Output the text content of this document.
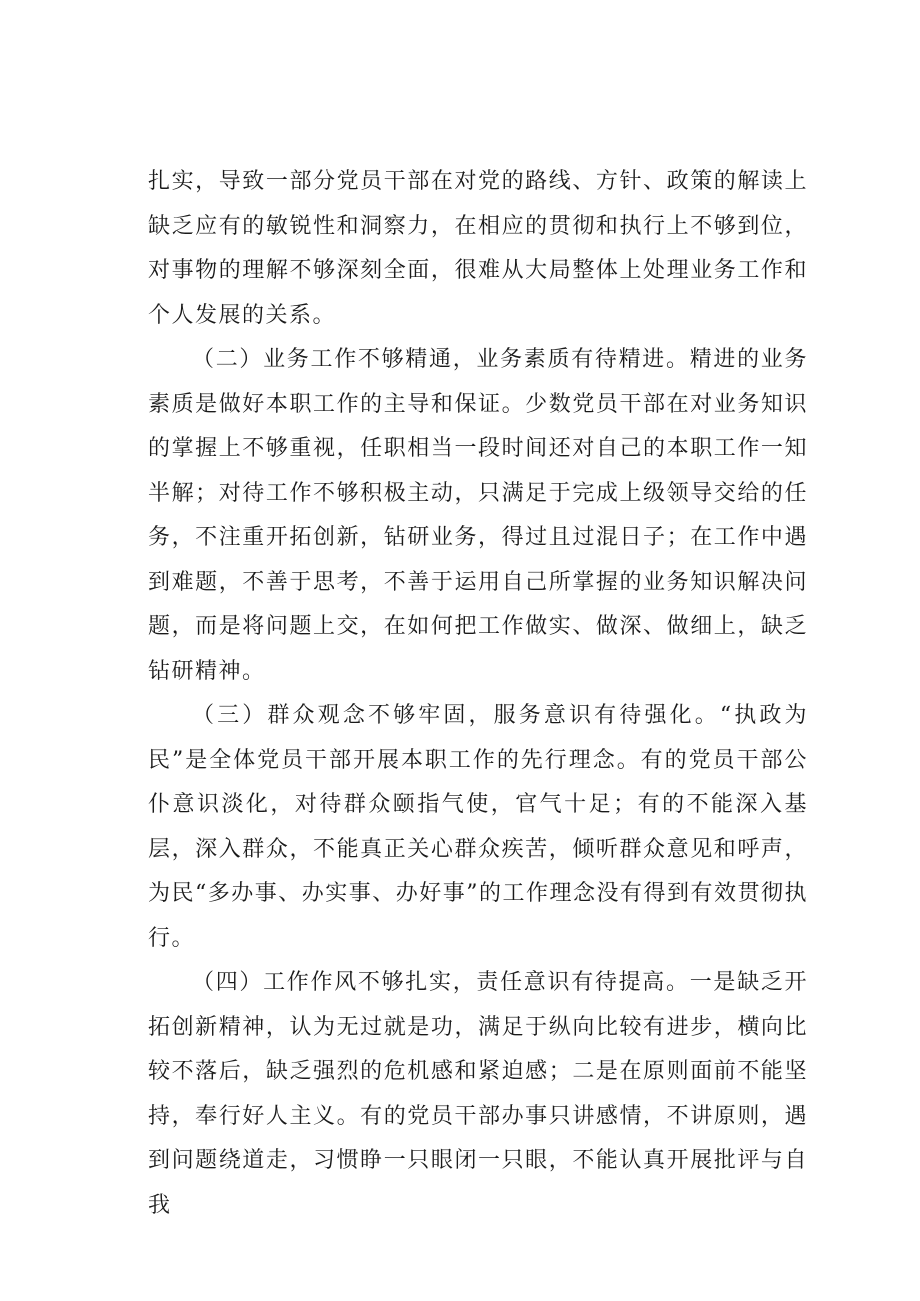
扎实，导致一部分党员干部在对党的路线、方针、政策的解读上缺乏应有的敏锐性和洞察力，在相应的贯彻和执行上不够到位，对事物的理解不够深刻全面，很难从大局整体上处理业务工作和个人发展的关系。

（二）业务工作不够精通，业务素质有待精进。精进的业务素质是做好本职工作的主导和保证。少数党员干部在对业务知识的掌握上不够重视，任职相当一段时间还对自己的本职工作一知半解；对待工作不够积极主动，只满足于完成上级领导交给的任务，不注重开拓创新，钻研业务，得过且过混日子；在工作中遇到难题，不善于思考，不善于运用自己所掌握的业务知识解决问题，而是将问题上交，在如何把工作做实、做深、做细上，缺乏钻研精神。

（三）群众观念不够牢固，服务意识有待强化。“执政为民”是全体党员干部开展本职工作的先行理念。有的党员干部公仆意识淡化，对待群众颐指气使，官气十足；有的不能深入基层，深入群众，不能真正关心群众疾苦，倾听群众意见和呼声，为民“多办事、办实事、办好事”的工作理念没有得到有效贯彻执行。

（四）工作作风不够扎实，责任意识有待提高。一是缺乏开拓创新精神，认为无过就是功，满足于纵向比较有进步，横向比较不落后，缺乏强烈的危机感和紧迫感；二是在原则面前不能坚持，奉行好人主义。有的党员干部办事只讲感情，不讲原则，遇到问题绕道走，习惯睁一只眼闭一只眼，不能认真开展批评与自我
